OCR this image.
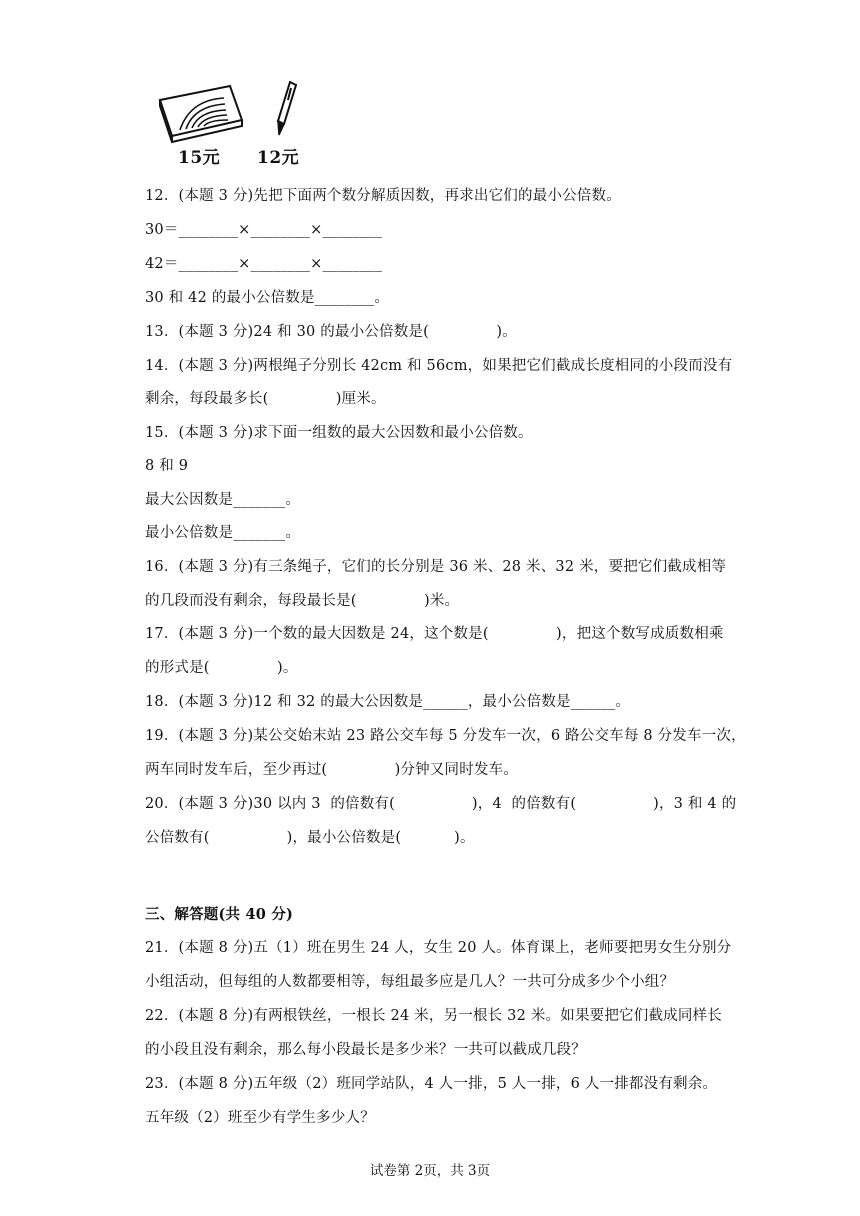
15元 12元
12．(本题 3 分)先把下面两个数分解质因数，再求出它们的最小公倍数。
30＝________×________×________
42＝________×________×________
30 和 42 的最小公倍数是________。
13．(本题 3 分)24 和 30 的最小公倍数是(              )。
14．(本题 3 分)两根绳子分别长 42cm 和 56cm，如果把它们截成长度相同的小段而没有
剩余，每段最多长(              )厘米。
15．(本题 3 分)求下面一组数的最大公因数和最小公倍数。
8 和 9
最大公因数是_______。
最小公倍数是_______。
16．(本题 3 分)有三条绳子，它们的长分别是 36 米、28 米、32 米，要把它们截成相等
的几段而没有剩余，每段最长是(              )米。
17．(本题 3 分)一个数的最大因数是 24，这个数是(              )，把这个数写成质数相乘
的形式是(              )。
18．(本题 3 分)12 和 32 的最大公因数是______，最小公倍数是______。
19．(本题 3 分)某公交始末站 23 路公交车每 5 分发车一次，6 路公交车每 8 分发车一次，
两车同时发车后，至少再过(              )分钟又同时发车。
20．(本题 3 分)30 以内 3  的倍数有(                )，4  的倍数有(                )，3 和 4 的
公倍数有(                )，最小公倍数是(           )。
三、解答题(共 40 分)
21．(本题 8 分)五（1）班在男生 24 人，女生 20 人。体育课上，老师要把男女生分别分
小组活动，但每组的人数都要相等，每组最多应是几人？一共可分成多少个小组？
22．(本题 8 分)有两根铁丝，一根长 24 米，另一根长 32 米。如果要把它们截成同样长
的小段且没有剩余，那么每小段最长是多少米？一共可以截成几段？
23．(本题 8 分)五年级（2）班同学站队，4 人一排，5 人一排，6 人一排都没有剩余。
五年级（2）班至少有学生多少人？
试卷第 2页，共 3页
